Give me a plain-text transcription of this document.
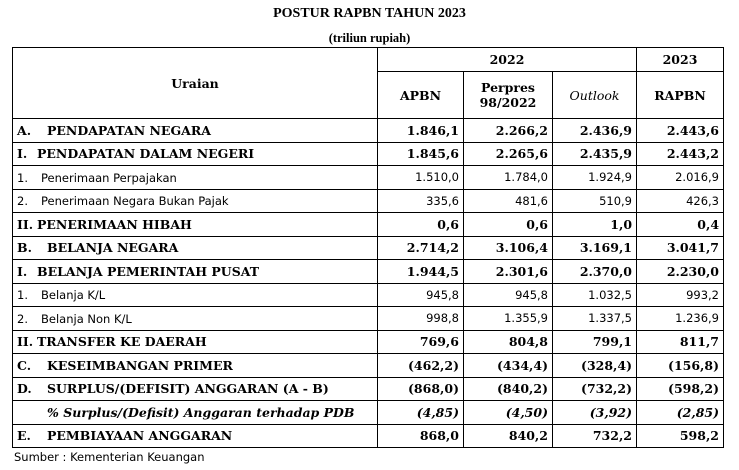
POSTUR RAPBN TAHUN 2023
(triliun rupiah)
Uraian	2022			2023
	APBN	Perpres 98/2022	Outlook	RAPBN
A. PENDAPATAN NEGARA	1.846,1	2.266,2	2.436,9	2.443,6
I. PENDAPATAN DALAM NEGERI	1.845,6	2.265,6	2.435,9	2.443,2
1. Penerimaan Perpajakan	1.510,0	1.784,0	1.924,9	2.016,9
2. Penerimaan Negara Bukan Pajak	335,6	481,6	510,9	426,3
II. PENERIMAAN HIBAH	0,6	0,6	1,0	0,4
B. BELANJA NEGARA	2.714,2	3.106,4	3.169,1	3.041,7
I. BELANJA PEMERINTAH PUSAT	1.944,5	2.301,6	2.370,0	2.230,0
1. Belanja K/L	945,8	945,8	1.032,5	993,2
2. Belanja Non K/L	998,8	1.355,9	1.337,5	1.236,9
II. TRANSFER KE DAERAH	769,6	804,8	799,1	811,7
C. KESEIMBANGAN PRIMER	(462,2)	(434,4)	(328,4)	(156,8)
D. SURPLUS/(DEFISIT) ANGGARAN (A - B)	(868,0)	(840,2)	(732,2)	(598,2)
% Surplus/(Defisit) Anggaran terhadap PDB	(4,85)	(4,50)	(3,92)	(2,85)
E. PEMBIAYAAN ANGGARAN	868,0	840,2	732,2	598,2
Sumber : Kementerian Keuangan
